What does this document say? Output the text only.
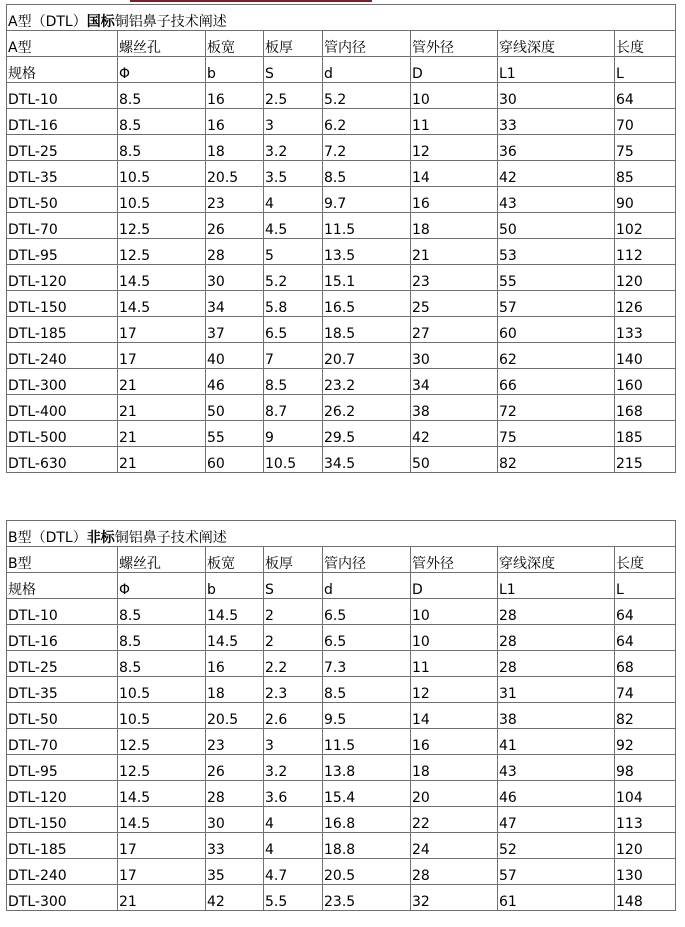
A型（DTL）国标铜铝鼻子技术阐述							
A型	螺丝孔	板宽	板厚	管内径	管外径	穿线深度	长度
规格	Φ	b	S	d	D	L1	L
DTL-10	8.5	16	2.5	5.2	10	30	64
DTL-16	8.5	16	3	6.2	11	33	70
DTL-25	8.5	18	3.2	7.2	12	36	75
DTL-35	10.5	20.5	3.5	8.5	14	42	85
DTL-50	10.5	23	4	9.7	16	43	90
DTL-70	12.5	26	4.5	11.5	18	50	102
DTL-95	12.5	28	5	13.5	21	53	112
DTL-120	14.5	30	5.2	15.1	23	55	120
DTL-150	14.5	34	5.8	16.5	25	57	126
DTL-185	17	37	6.5	18.5	27	60	133
DTL-240	17	40	7	20.7	30	62	140
DTL-300	21	46	8.5	23.2	34	66	160
DTL-400	21	50	8.7	26.2	38	72	168
DTL-500	21	55	9	29.5	42	75	185
DTL-630	21	60	10.5	34.5	50	82	215
B型（DTL）非标铜铝鼻子技术阐述							
B型	螺丝孔	板宽	板厚	管内径	管外径	穿线深度	长度
规格	Φ	b	S	d	D	L1	L
DTL-10	8.5	14.5	2	6.5	10	28	64
DTL-16	8.5	14.5	2	6.5	10	28	64
DTL-25	8.5	16	2.2	7.3	11	28	68
DTL-35	10.5	18	2.3	8.5	12	31	74
DTL-50	10.5	20.5	2.6	9.5	14	38	82
DTL-70	12.5	23	3	11.5	16	41	92
DTL-95	12.5	26	3.2	13.8	18	43	98
DTL-120	14.5	28	3.6	15.4	20	46	104
DTL-150	14.5	30	4	16.8	22	47	113
DTL-185	17	33	4	18.8	24	52	120
DTL-240	17	35	4.7	20.5	28	57	130
DTL-300	21	42	5.5	23.5	32	61	148
